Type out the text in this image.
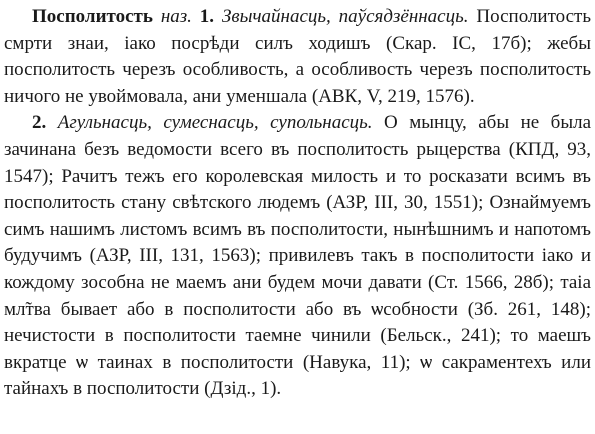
Посполитость наз. 1. Звычайнасць, паўсядзённасць. Посполитость смрти знаи, іако посрѣди силъ ходишъ (Скар. ІС, 17б); жебы посполитость черезъ особливость, а особливость черезъ посполитость ничого не увоймовала, ани уменшала (АВК, V, 219, 1576).

2. Агульнасць, сумеснасць, супольнасць. О мынцу, абы не была зачинана безъ ведомости всего въ посполитость рыцерства (КПД, 93, 1547); Рачитъ тежъ его королевская милость и то роcказати всимъ въ посполитость стану свѣтского людемъ (АЗР, ІІІ, 30, 1551); Ознаймуемъ симъ нашимъ листомъ всимъ въ посполитости, нынѣшнимъ и напотомъ будучимъ (АЗР, ІІІ, 131, 1563); привилевъ такъ в посполитости іако и кождому зособна не маемъ ани будем мочи давати (Ст. 1566, 28б); таіа мл̃тва бывает або в посполитости або въ ѡсобности (Зб. 261, 148); нечистости в посполитости таемне чинили (Бельск., 241); то маешъ вкратце ѡ таинах в посполитости (Навука, 11); ѡ сакраментехъ или тайнахъ в посполитости (Дзід., 1).
